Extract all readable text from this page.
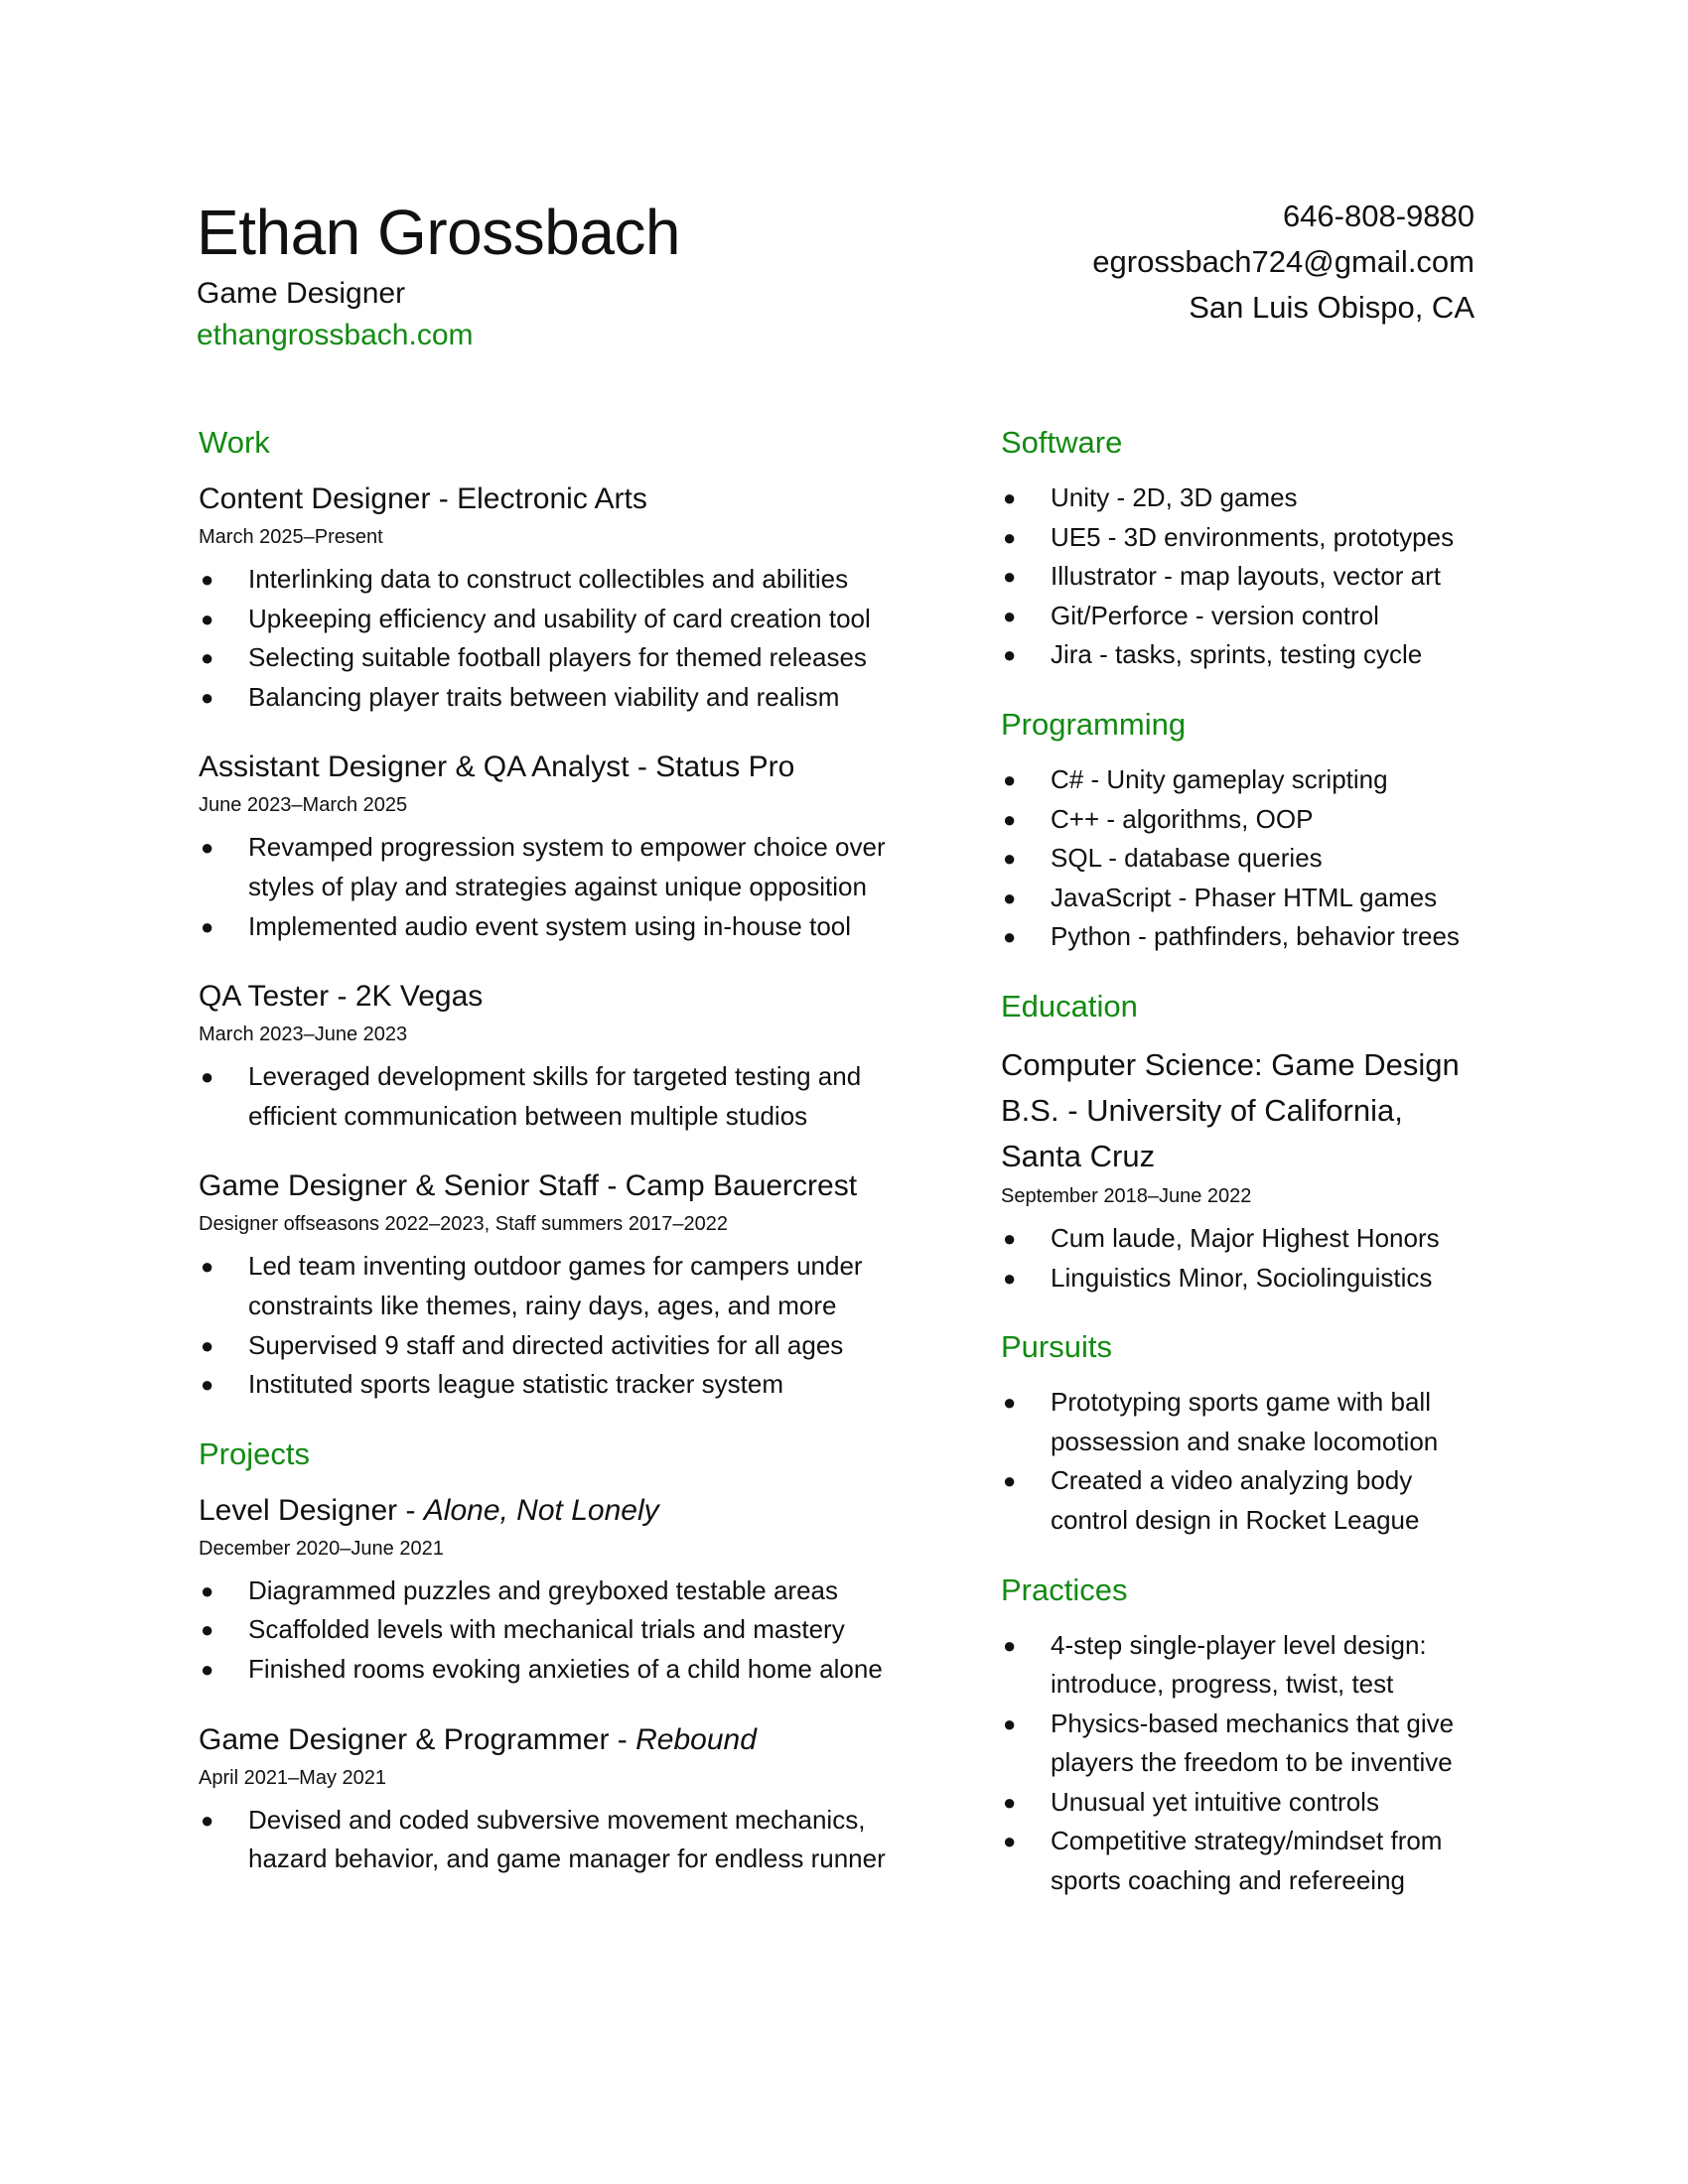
Ethan Grossbach
Game Designer
ethangrossbach.com
646-808-9880
egrossbach724@gmail.com
San Luis Obispo, CA
Work
Content Designer - Electronic Arts
March 2025–Present
● Interlinking data to construct collectibles and abilities
● Upkeeping efficiency and usability of card creation tool
● Selecting suitable football players for themed releases
● Balancing player traits between viability and realism
Assistant Designer & QA Analyst - Status Pro
June 2023–March 2025
● Revamped progression system to empower choice over
styles of play and strategies against unique opposition
● Implemented audio event system using in-house tool
QA Tester - 2K Vegas
March 2023–June 2023
● Leveraged development skills for targeted testing and
efficient communication between multiple studios
Game Designer & Senior Staff - Camp Bauercrest
Designer offseasons 2022–2023, Staff summers 2017–2022
● Led team inventing outdoor games for campers under
constraints like themes, rainy days, ages, and more
● Supervised 9 staff and directed activities for all ages
● Instituted sports league statistic tracker system
Projects
Level Designer - Alone, Not Lonely
December 2020–June 2021
● Diagrammed puzzles and greyboxed testable areas
● Scaffolded levels with mechanical trials and mastery
● Finished rooms evoking anxieties of a child home alone
Game Designer & Programmer - Rebound
April 2021–May 2021
● Devised and coded subversive movement mechanics,
hazard behavior, and game manager for endless runner
Software
● Unity - 2D, 3D games
● UE5 - 3D environments, prototypes
● Illustrator - map layouts, vector art
● Git/Perforce - version control
● Jira - tasks, sprints, testing cycle
Programming
● C# - Unity gameplay scripting
● C++ - algorithms, OOP
● SQL - database queries
● JavaScript - Phaser HTML games
● Python - pathfinders, behavior trees
Education
Computer Science: Game Design
B.S. - University of California,
Santa Cruz
September 2018–June 2022
● Cum laude, Major Highest Honors
● Linguistics Minor, Sociolinguistics
Pursuits
● Prototyping sports game with ball
possession and snake locomotion
● Created a video analyzing body
control design in Rocket League
Practices
● 4-step single-player level design:
introduce, progress, twist, test
● Physics-based mechanics that give
players the freedom to be inventive
● Unusual yet intuitive controls
● Competitive strategy/mindset from
sports coaching and refereeing
